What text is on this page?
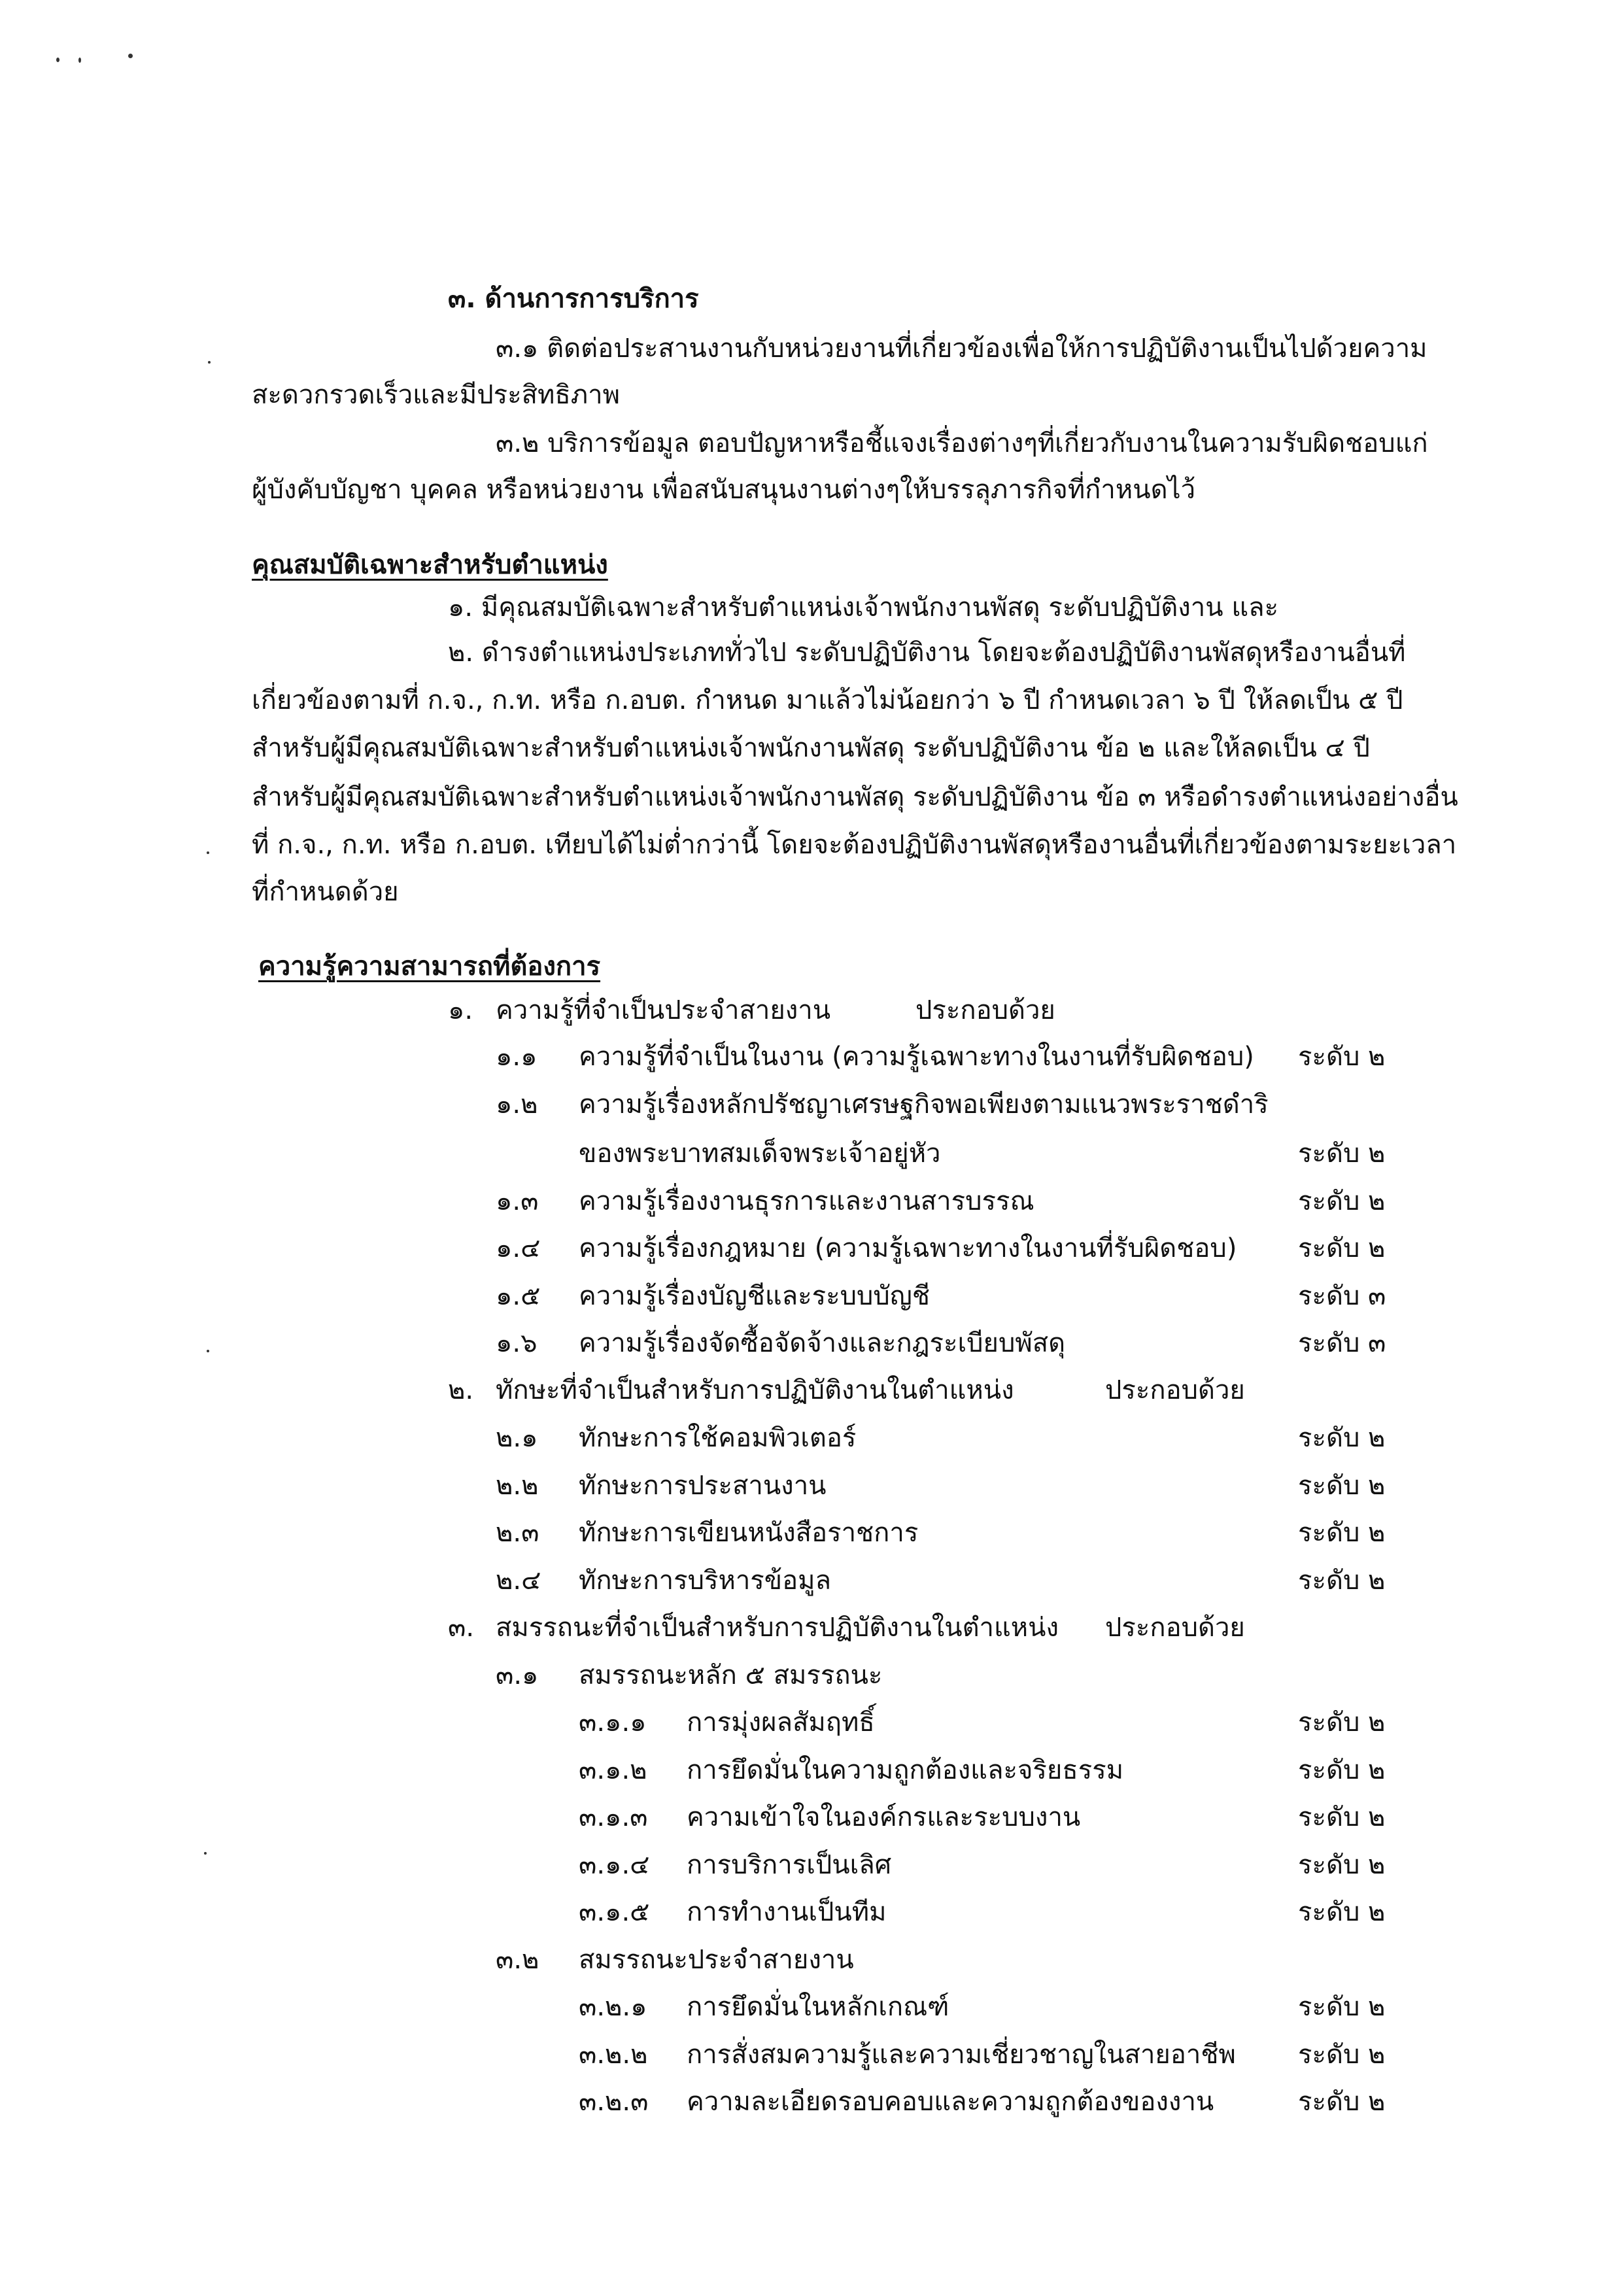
๓. ด้านการการบริการ
๓.๑ ติดต่อประสานงานกับหน่วยงานที่เกี่ยวข้องเพื่อให้การปฏิบัติงานเป็นไปด้วยความ
สะดวกรวดเร็วและมีประสิทธิภาพ
๓.๒ บริการข้อมูล ตอบปัญหาหรือชี้แจงเรื่องต่างๆที่เกี่ยวกับงานในความรับผิดชอบแก่
ผู้บังคับบัญชา บุคคล หรือหน่วยงาน เพื่อสนับสนุนงานต่างๆให้บรรลุภารกิจที่กำหนดไว้
คุณสมบัติเฉพาะสำหรับตำแหน่ง
๑. มีคุณสมบัติเฉพาะสำหรับตำแหน่งเจ้าพนักงานพัสดุ ระดับปฏิบัติงาน และ
๒. ดำรงตำแหน่งประเภททั่วไป ระดับปฏิบัติงาน โดยจะต้องปฏิบัติงานพัสดุหรืองานอื่นที่
เกี่ยวข้องตามที่ ก.จ., ก.ท. หรือ ก.อบต. กำหนด มาแล้วไม่น้อยกว่า ๖ ปี กำหนดเวลา ๖ ปี ให้ลดเป็น ๕ ปี
สำหรับผู้มีคุณสมบัติเฉพาะสำหรับตำแหน่งเจ้าพนักงานพัสดุ ระดับปฏิบัติงาน ข้อ ๒ และให้ลดเป็น ๔ ปี
สำหรับผู้มีคุณสมบัติเฉพาะสำหรับตำแหน่งเจ้าพนักงานพัสดุ ระดับปฏิบัติงาน ข้อ ๓ หรือดำรงตำแหน่งอย่างอื่น
ที่ ก.จ., ก.ท. หรือ ก.อบต. เทียบได้ไม่ต่ำกว่านี้ โดยจะต้องปฏิบัติงานพัสดุหรืองานอื่นที่เกี่ยวข้องตามระยะเวลา
ที่กำหนดด้วย
ความรู้ความสามารถที่ต้องการ
๑. ความรู้ที่จำเป็นประจำสายงาน	ประกอบด้วย
๑.๑ ความรู้ที่จำเป็นในงาน (ความรู้เฉพาะทางในงานที่รับผิดชอบ) ระดับ ๒
๑.๒ ความรู้เรื่องหลักปรัชญาเศรษฐกิจพอเพียงตามแนวพระราชดำริ
ของพระบาทสมเด็จพระเจ้าอยู่หัว	ระดับ ๒
๑.๓ ความรู้เรื่องงานธุรการและงานสารบรรณ	ระดับ ๒
๑.๔ ความรู้เรื่องกฎหมาย (ความรู้เฉพาะทางในงานที่รับผิดชอบ) ระดับ ๒
๑.๕ ความรู้เรื่องบัญชีและระบบบัญชี	ระดับ ๓
๑.๖ ความรู้เรื่องจัดซื้อจัดจ้างและกฎระเบียบพัสดุ	ระดับ ๓
๒. ทักษะที่จำเป็นสำหรับการปฏิบัติงานในตำแหน่ง	ประกอบด้วย
๒.๑ ทักษะการใช้คอมพิวเตอร์	ระดับ ๒
๒.๒ ทักษะการประสานงาน	ระดับ ๒
๒.๓ ทักษะการเขียนหนังสือราชการ	ระดับ ๒
๒.๔ ทักษะการบริหารข้อมูล	ระดับ ๒
๓. สมรรถนะที่จำเป็นสำหรับการปฏิบัติงานในตำแหน่ง ประกอบด้วย
๓.๑ สมรรถนะหลัก ๕ สมรรถนะ
๓.๑.๑ การมุ่งผลสัมฤทธิ์	ระดับ ๒
๓.๑.๒ การยึดมั่นในความถูกต้องและจริยธรรม	ระดับ ๒
๓.๑.๓ ความเข้าใจในองค์กรและระบบงาน	ระดับ ๒
๓.๑.๔ การบริการเป็นเลิศ	ระดับ ๒
๓.๑.๕ การทำงานเป็นทีม	ระดับ ๒
๓.๒ สมรรถนะประจำสายงาน
๓.๒.๑ การยึดมั่นในหลักเกณฑ์	ระดับ ๒
๓.๒.๒ การสั่งสมความรู้และความเชี่ยวชาญในสายอาชีพ ระดับ ๒
๓.๒.๓ ความละเอียดรอบคอบและความถูกต้องของงาน	ระดับ ๒
